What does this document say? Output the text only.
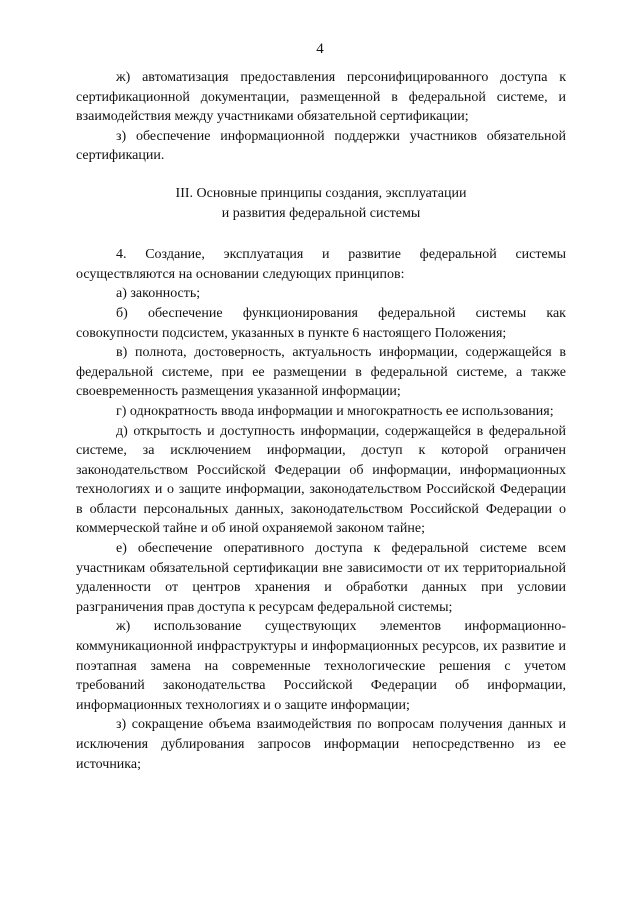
4

ж) автоматизация предоставления персонифицированного доступа к сертификационной документации, размещенной в федеральной системе, и взаимодействия между участниками обязательной сертификации;

з) обеспечение информационной поддержки участников обязательной сертификации.

III. Основные принципы создания, эксплуатации
и развития федеральной системы

4. Создание, эксплуатация и развитие федеральной системы осуществляются на основании следующих принципов:

а) законность;

б) обеспечение функционирования федеральной системы как совокупности подсистем, указанных в пункте 6 настоящего Положения;

в) полнота, достоверность, актуальность информации, содержащейся в федеральной системе, при ее размещении в федеральной системе, а также своевременность размещения указанной информации;

г) однократность ввода информации и многократность ее использования;

д) открытость и доступность информации, содержащейся в федеральной системе, за исключением информации, доступ к которой ограничен законодательством Российской Федерации об информации, информационных технологиях и о защите информации, законодательством Российской Федерации в области персональных данных, законодательством Российской Федерации о коммерческой тайне и об иной охраняемой законом тайне;

е) обеспечение оперативного доступа к федеральной системе всем участникам обязательной сертификации вне зависимости от их территориальной удаленности от центров хранения и обработки данных при условии разграничения прав доступа к ресурсам федеральной системы;

ж) использование существующих элементов информационно-коммуникационной инфраструктуры и информационных ресурсов, их развитие и поэтапная замена на современные технологические решения с учетом требований законодательства Российской Федерации об информации, информационных технологиях и о защите информации;

з) сокращение объема взаимодействия по вопросам получения данных и исключения дублирования запросов информации непосредственно из ее источника;
